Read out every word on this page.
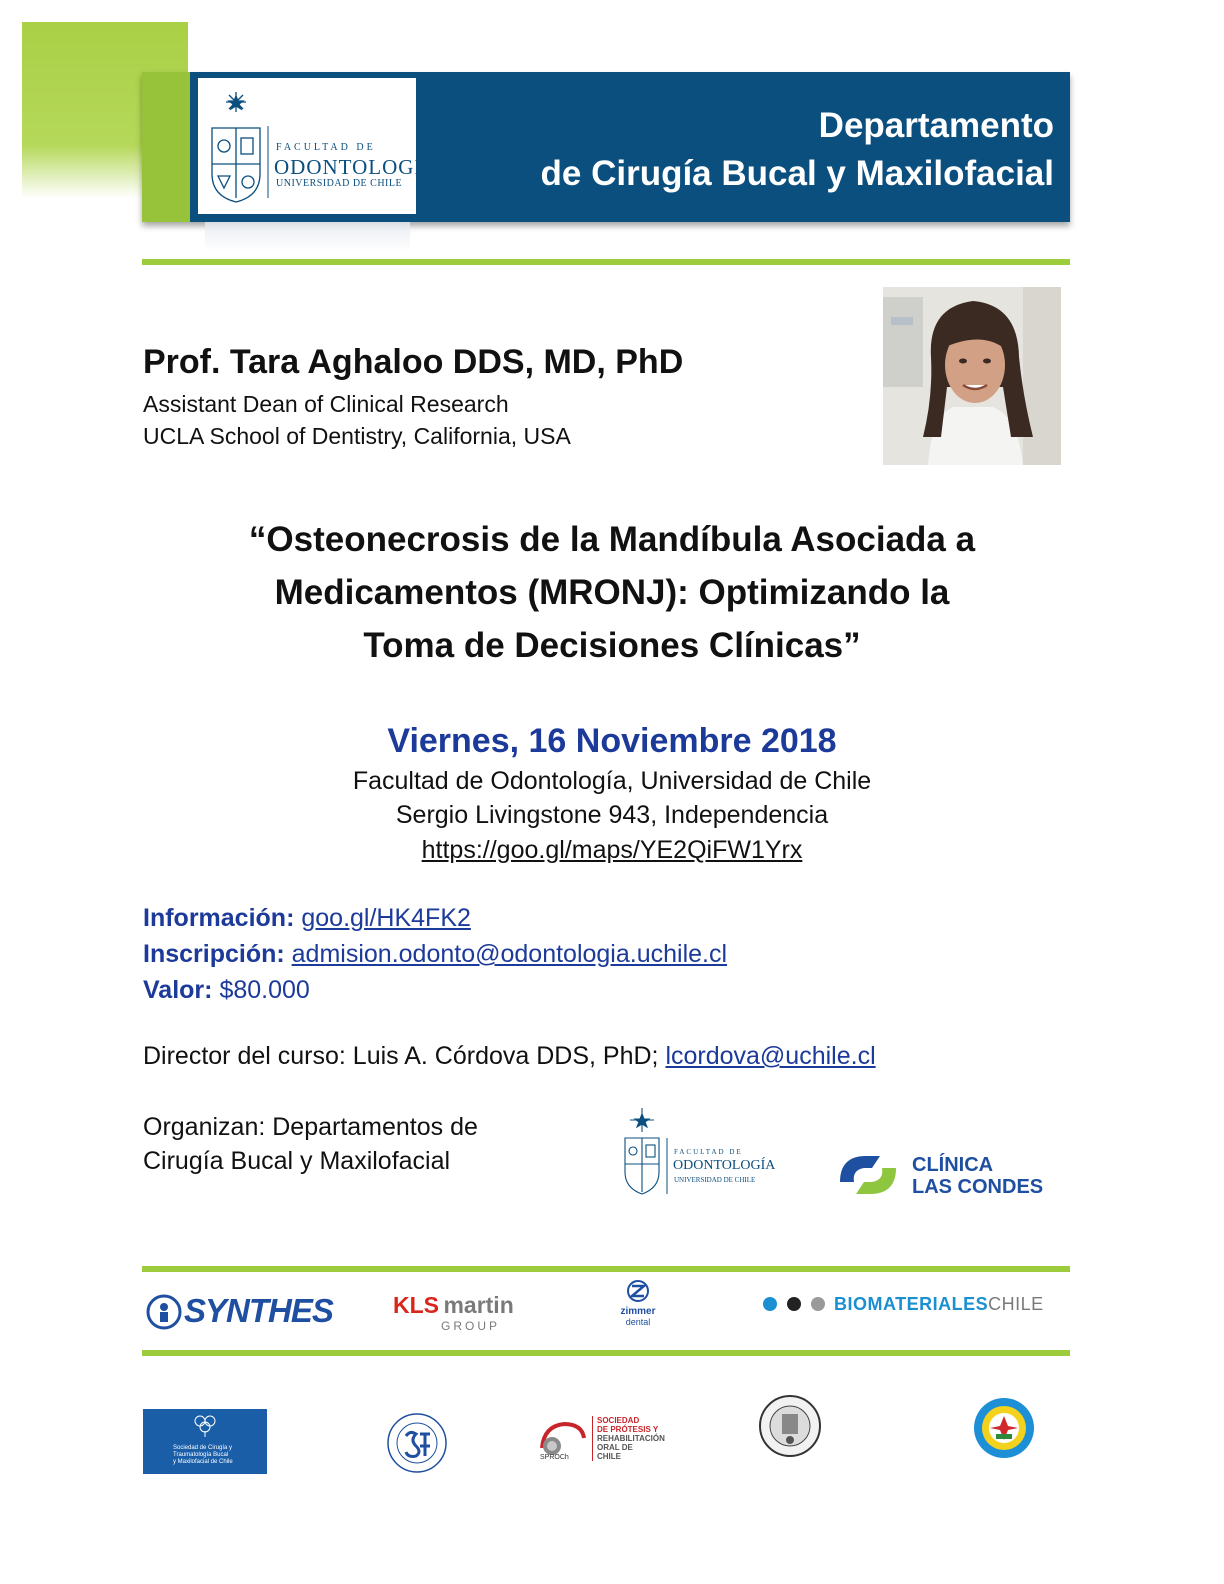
FACULTAD DE
ODONTOLOGÍA
UNIVERSIDAD DE CHILE
Departamento
de Cirugía Bucal y Maxilofacial
Prof. Tara Aghaloo DDS, MD, PhD
Assistant Dean of Clinical Research
UCLA School of Dentistry, California, USA
“Osteonecrosis de la Mandíbula Asociada a
Medicamentos (MRONJ): Optimizando la
Toma de Decisiones Clínicas”
Viernes, 16 Noviembre 2018
Facultad de Odontología, Universidad de Chile
Sergio Livingstone 943, Independencia
https://goo.gl/maps/YE2QiFW1Yrx
Información: goo.gl/HK4FK2
Inscripción: admision.odonto@odontologia.uchile.cl
Valor: $80.000
Director del curso: Luis A. Córdova DDS, PhD; lcordova@uchile.cl
Organizan: Departamentos de
Cirugía Bucal y Maxilofacial	FACULTAD DE
ODONTOLOGÍA
UNIVERSIDAD DE CHILE
CLÍNICA
LAS CONDES
SYNTHES	KLS martin
GROUP
zimmer
dental
BIOMATERIALESCHILE
Sociedad de Cirugía y
Traumatología Bucal
y Maxilofacial de Chile
SPROCh
SOCIEDAD
DE PRÓTESIS Y
REHABILITACIÓN
ORAL DE
CHILE
